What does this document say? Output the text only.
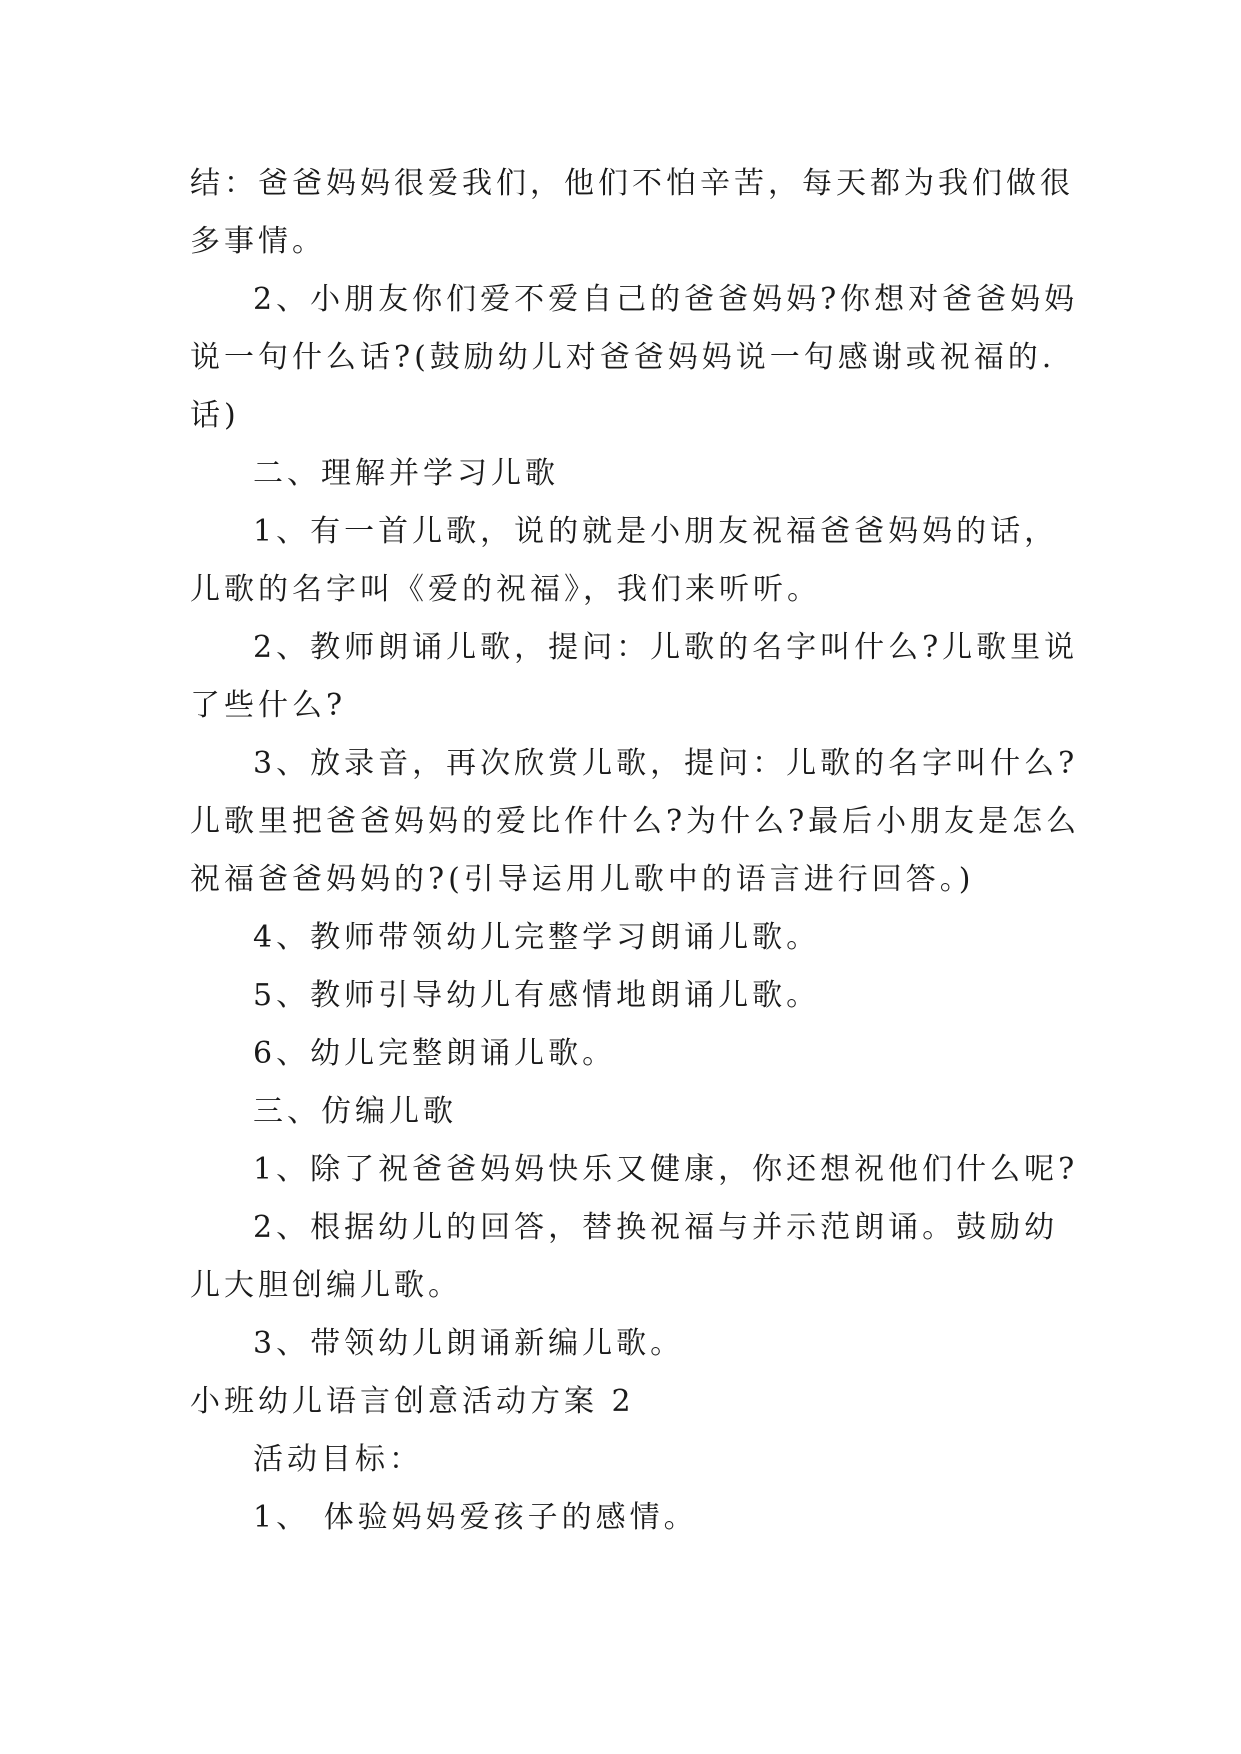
结：爸爸妈妈很爱我们，他们不怕辛苦，每天都为我们做很
多事情。
2、小朋友你们爱不爱自己的爸爸妈妈?你想对爸爸妈妈
说一句什么话?(鼓励幼儿对爸爸妈妈说一句感谢或祝福的.
话)
二、理解并学习儿歌
1、有一首儿歌，说的就是小朋友祝福爸爸妈妈的话，
儿歌的名字叫《爱的祝福》，我们来听听。
2、教师朗诵儿歌，提问：儿歌的名字叫什么?儿歌里说
了些什么?
3、放录音，再次欣赏儿歌，提问：儿歌的名字叫什么?
儿歌里把爸爸妈妈的爱比作什么?为什么?最后小朋友是怎么
祝福爸爸妈妈的?(引导运用儿歌中的语言进行回答。)
4、教师带领幼儿完整学习朗诵儿歌。
5、教师引导幼儿有感情地朗诵儿歌。
6、幼儿完整朗诵儿歌。
三、仿编儿歌
1、除了祝爸爸妈妈快乐又健康，你还想祝他们什么呢?
2、根据幼儿的回答，替换祝福与并示范朗诵。鼓励幼
儿大胆创编儿歌。
3、带领幼儿朗诵新编儿歌。
小班幼儿语言创意活动方案 2
活动目标：
1、 体验妈妈爱孩子的感情。
